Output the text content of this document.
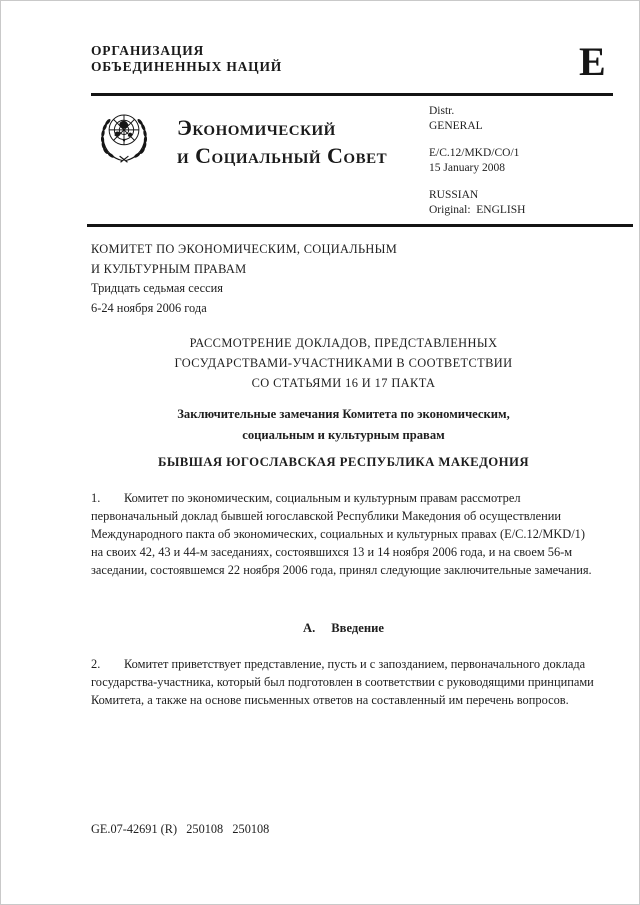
ОРГАНИЗАЦИЯ
ОБЪЕДИНЕННЫХ НАЦИЙ	E
Экономический
и Социальный Совет
Distr.
GENERAL
E/C.12/MKD/CO/1
15 January 2008
RUSSIAN
Original:  ENGLISH
КОМИТЕТ ПО ЭКОНОМИЧЕСКИМ, СОЦИАЛЬНЫМ
И КУЛЬТУРНЫМ ПРАВАМ
Тридцать седьмая сессия
6-24 ноября 2006 года
РАССМОТРЕНИЕ ДОКЛАДОВ, ПРЕДСТАВЛЕННЫХ
ГОСУДАРСТВАМИ-УЧАСТНИКАМИ В СООТВЕТСТВИИ
СО СТАТЬЯМИ 16 И 17 ПАКТА
Заключительные замечания Комитета по экономическим,
социальным и культурным правам
БЫВШАЯ ЮГОСЛАВСКАЯ РЕСПУБЛИКА МАКЕДОНИЯ
1. Комитет по экономическим, социальным и культурным правам рассмотрел первоначальный доклад бывшей югославской Республики Македония об осуществлении Международного пакта об экономических, социальных и культурных правах (E/C.12/MKD/1) на своих 42, 43 и 44-м заседаниях, состоявшихся 13 и 14 ноября 2006 года, и на своем 56-м заседании, состоявшемся 22 ноября 2006 года, принял следующие заключительные замечания.
A. Введение
2. Комитет приветствует представление, пусть и с запозданием, первоначального доклада государства-участника, который был подготовлен в соответствии с руководящими принципами Комитета, а также на основе письменных ответов на составленный им перечень вопросов.
GE.07-42691 (R)   250108   250108
